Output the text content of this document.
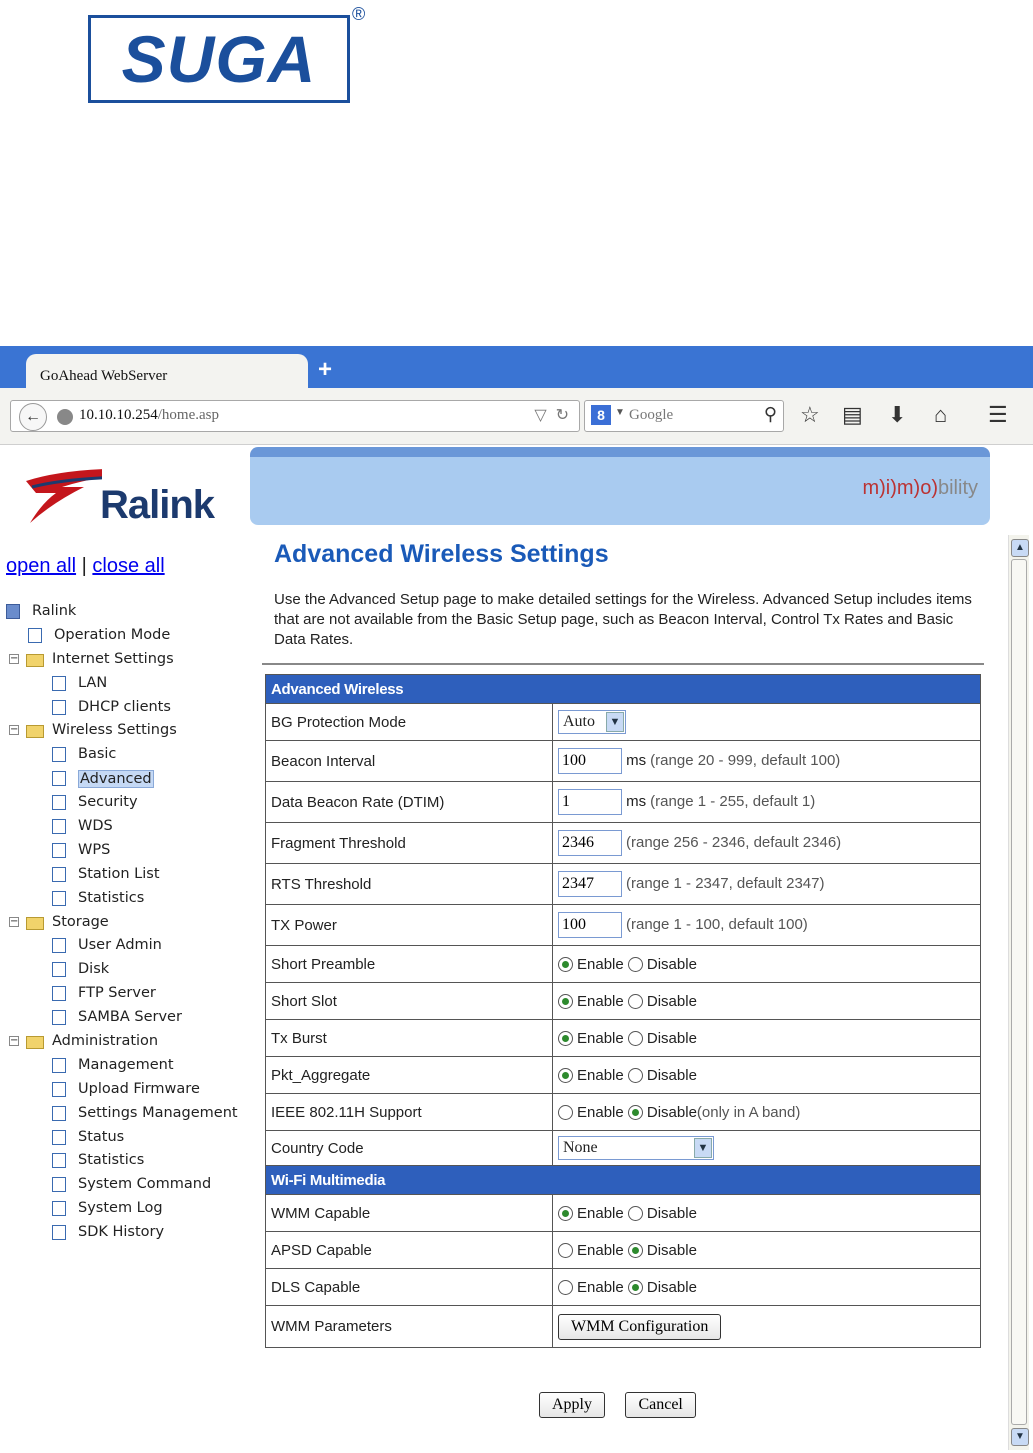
SUGA
®
GoAhead WebServer	+
←	10.10.10.254/home.asp	▽  ↻	8	▼ Google	⚲ ☆ ▤ ⬇ ⌂ ☰
Ralink
open all | close all
Ralink
Operation Mode
− Internet Settings
LAN
DHCP clients
− Wireless Settings
Basic
Advanced
Security
WDS
WPS
Station List
Statistics
− Storage
User Admin
Disk
FTP Server
SAMBA Server
− Administration
Management
Upload Firmware
Settings Management
Status
Statistics
System Command
System Log
SDK History
m)i)m)o)bility
Advanced Wireless Settings
Use the Advanced Setup page to make detailed settings for the Wireless. Advanced Setup includes items that are not available from the Basic Setup page, such as Beacon Interval, Control Tx Rates and Basic Data Rates.
Advanced Wireless	
BG Protection Mode	Auto ▼

Beacon Interval	100 ms (range 20 - 999, default 100)
Data Beacon Rate (DTIM)	1 ms (range 1 - 255, default 1)
Fragment Threshold	2346 (range 256 - 2346, default 2346)
RTS Threshold	2347 (range 1 - 2347, default 2347)
TX Power	100 (range 1 - 100, default 100)
Short Preamble	Enable Disable
Short Slot	Enable Disable
Tx Burst	Enable Disable
Pkt_Aggregate	Enable Disable
IEEE 802.11H Support	Enable Disable(only in A band)
Country Code	None ▼

Wi-Fi Multimedia	
WMM Capable	Enable Disable
APSD Capable	Enable Disable
DLS Capable	Enable Disable
WMM Parameters	WMM Configuration
Apply	Cancel
▲
▼
